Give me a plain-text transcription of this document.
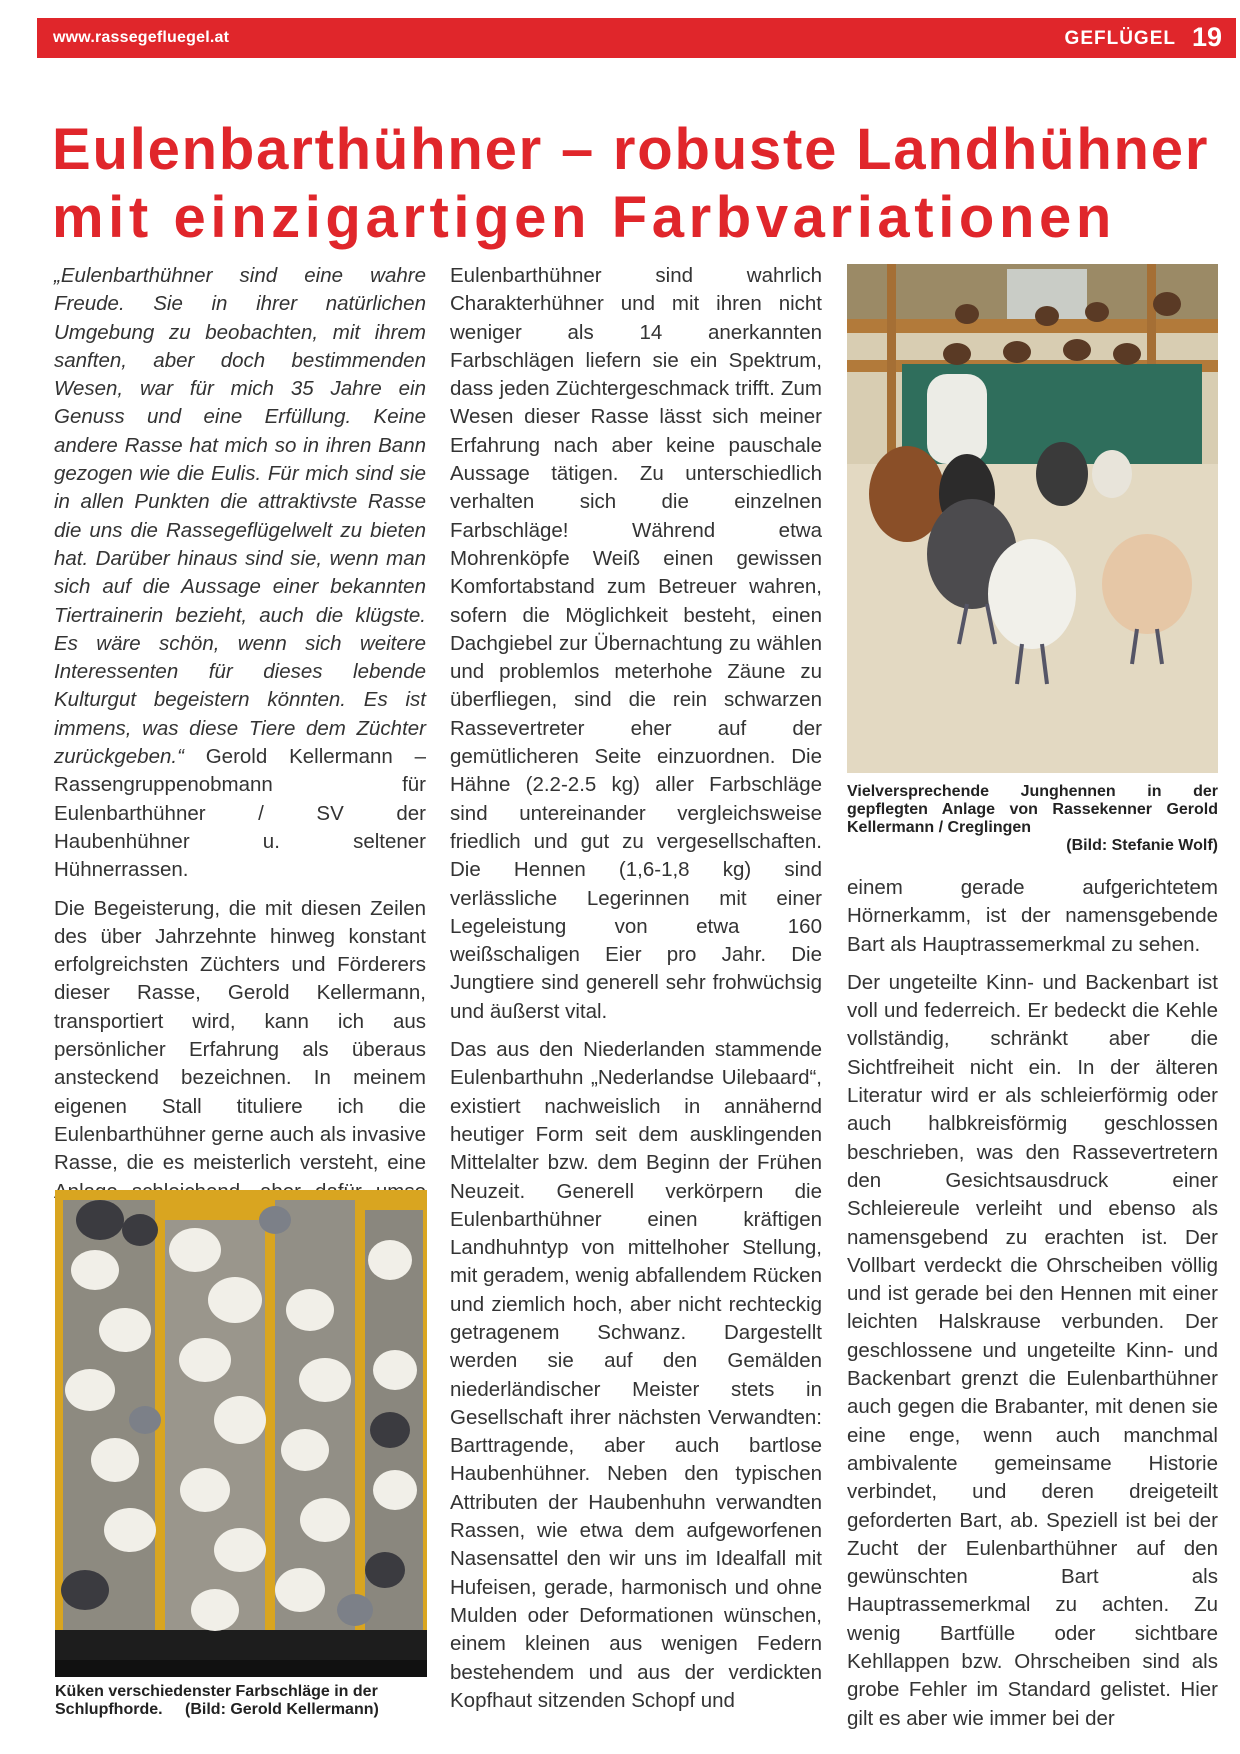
www.rassegefluegel.at	GEFLÜGEL 19
Eulenbarthühner – robuste Landhühner
mit einzigartigen Farbvariationen

„Eulenbarthühner sind eine wahre Freude. Sie in ihrer natürlichen Umgebung zu beobachten, mit ihrem sanften, aber doch bestimmenden Wesen, war für mich 35 Jahre ein Genuss und eine Erfüllung. Keine andere Rasse hat mich so in ihren Bann gezogen wie die Eulis. Für mich sind sie in allen Punkten die attraktivste Rasse die uns die Rassegeflügelwelt zu bieten hat. Darüber hinaus sind sie, wenn man sich auf die Aussage einer bekannten Tiertrainerin bezieht, auch die klügste. Es wäre schön, wenn sich weitere Interessenten für dieses lebende Kulturgut begeistern könnten. Es ist immens, was diese Tiere dem Züchter zurückgeben.“ Gerold Kellermann – Rassengruppenobmann für Eulenbarthühner / SV der Haubenhühner u. seltener Hühnerrassen.

Die Begeisterung, die mit diesen Zeilen des über Jahrzehnte hinweg konstant erfolgreichsten Züchters und Förderers dieser Rasse, Gerold Kellermann, transportiert wird, kann ich aus persönlicher Erfahrung als überaus ansteckend bezeichnen. In meinem eigenen Stall tituliere ich die Eulenbarthühner gerne auch als invasive Rasse, die es meisterlich versteht, eine

Küken verschiedenster Farbschläge in der Schlupfhorde. (Bild: Gerold Kellermann)

Eulenbarthühner sind wahrlich Charakterhühner und mit ihren nicht weniger als 14 anerkannten Farbschlägen liefern sie ein Spektrum, dass jeden Züchtergeschmack trifft. Zum Wesen dieser Rasse lässt sich meiner Erfahrung nach aber keine pauschale Aussage tätigen. Zu unterschiedlich verhalten sich die einzelnen Farbschläge! Während etwa Mohrenköpfe Weiß einen gewissen Komfortabstand zum Betreuer wahren, sofern die Möglichkeit besteht, einen Dachgiebel zur Übernachtung zu wählen und problemlos meterhohe Zäune zu überfliegen, sind die rein schwarzen Rassevertreter eher auf der gemütlicheren Seite einzuordnen. Die Hähne (2.2-2.5 kg) aller Farbschläge sind untereinander vergleichsweise friedlich und gut zu vergesellschaften. Die Hennen (1,6-1,8 kg) sind verlässliche Legerinnen mit einer Legeleistung von etwa 160 weißschaligen Eier pro Jahr. Die Jungtiere sind generell sehr frohwüchsig und äußerst vital.

Das aus den Niederlanden stammende Eulenbarthuhn „Nederlandse Uilebaard“, existiert nachweislich in annähernd heutiger Form seit dem ausklingenden Mittelalter bzw. dem Beginn der Frühen Neuzeit. Generell verkörpern die Eulenbarthühner einen kräftigen Landhuhntyp von mittelhoher Stellung, mit geradem, wenig abfallendem Rücken und ziemlich hoch, aber nicht rechteckig getragenem Schwanz. Dargestellt werden sie auf den Gemälden niederländischer Meister stets in Gesellschaft ihrer nächsten Verwandten: Barttragende, aber auch bartlose Haubenhühner. Neben den typischen Attributen der Haubenhuhn verwandten Rassen, wie etwa dem aufgeworfenen Nasensattel den wir uns im Idealfall mit Hufeisen, gerade, harmonisch und ohne Mulden oder Deformationen wünschen, einem kleinen aus wenigen Federn bestehendem und aus der verdickten Kopfhaut sitzenden Schopf und

Vielversprechende Junghennen in der gepflegten Anlage von Rassekenner Gerold Kellermann / Creglingen
(Bild: Stefanie Wolf)

einem gerade aufgerichtetem Hörnerkamm, ist der namensgebende Bart als Hauptrassemerkmal zu sehen.

Der ungeteilte Kinn- und Backenbart ist voll und federreich. Er bedeckt die Kehle vollständig, schränkt aber die Sichtfreiheit nicht ein. In der älteren Literatur wird er als schleierförmig oder auch halbkreisförmig geschlossen beschrieben, was den Rassevertretern den Gesichtsausdruck einer Schleiereule verleiht und ebenso als namensgebend zu erachten ist. Der Vollbart verdeckt die Ohrscheiben völlig und ist gerade bei den Hennen mit einer leichten Halskrause verbunden. Der geschlossene und ungeteilte Kinn- und Backenbart grenzt die Eulenbarthühner auch gegen die Brabanter, mit denen sie eine enge, wenn auch manchmal ambivalente gemeinsame Historie verbindet, und deren dreigeteilt geforderten Bart, ab. Speziell ist bei der Zucht der Eulenbarthühner auf den gewünschten Bart als Hauptrassemerkmal zu achten. Zu wenig Bartfülle oder sichtbare Kehllappen bzw. Ohrscheiben sind als grobe Fehler im Standard gelistet. Hier gilt es aber wie immer bei der
